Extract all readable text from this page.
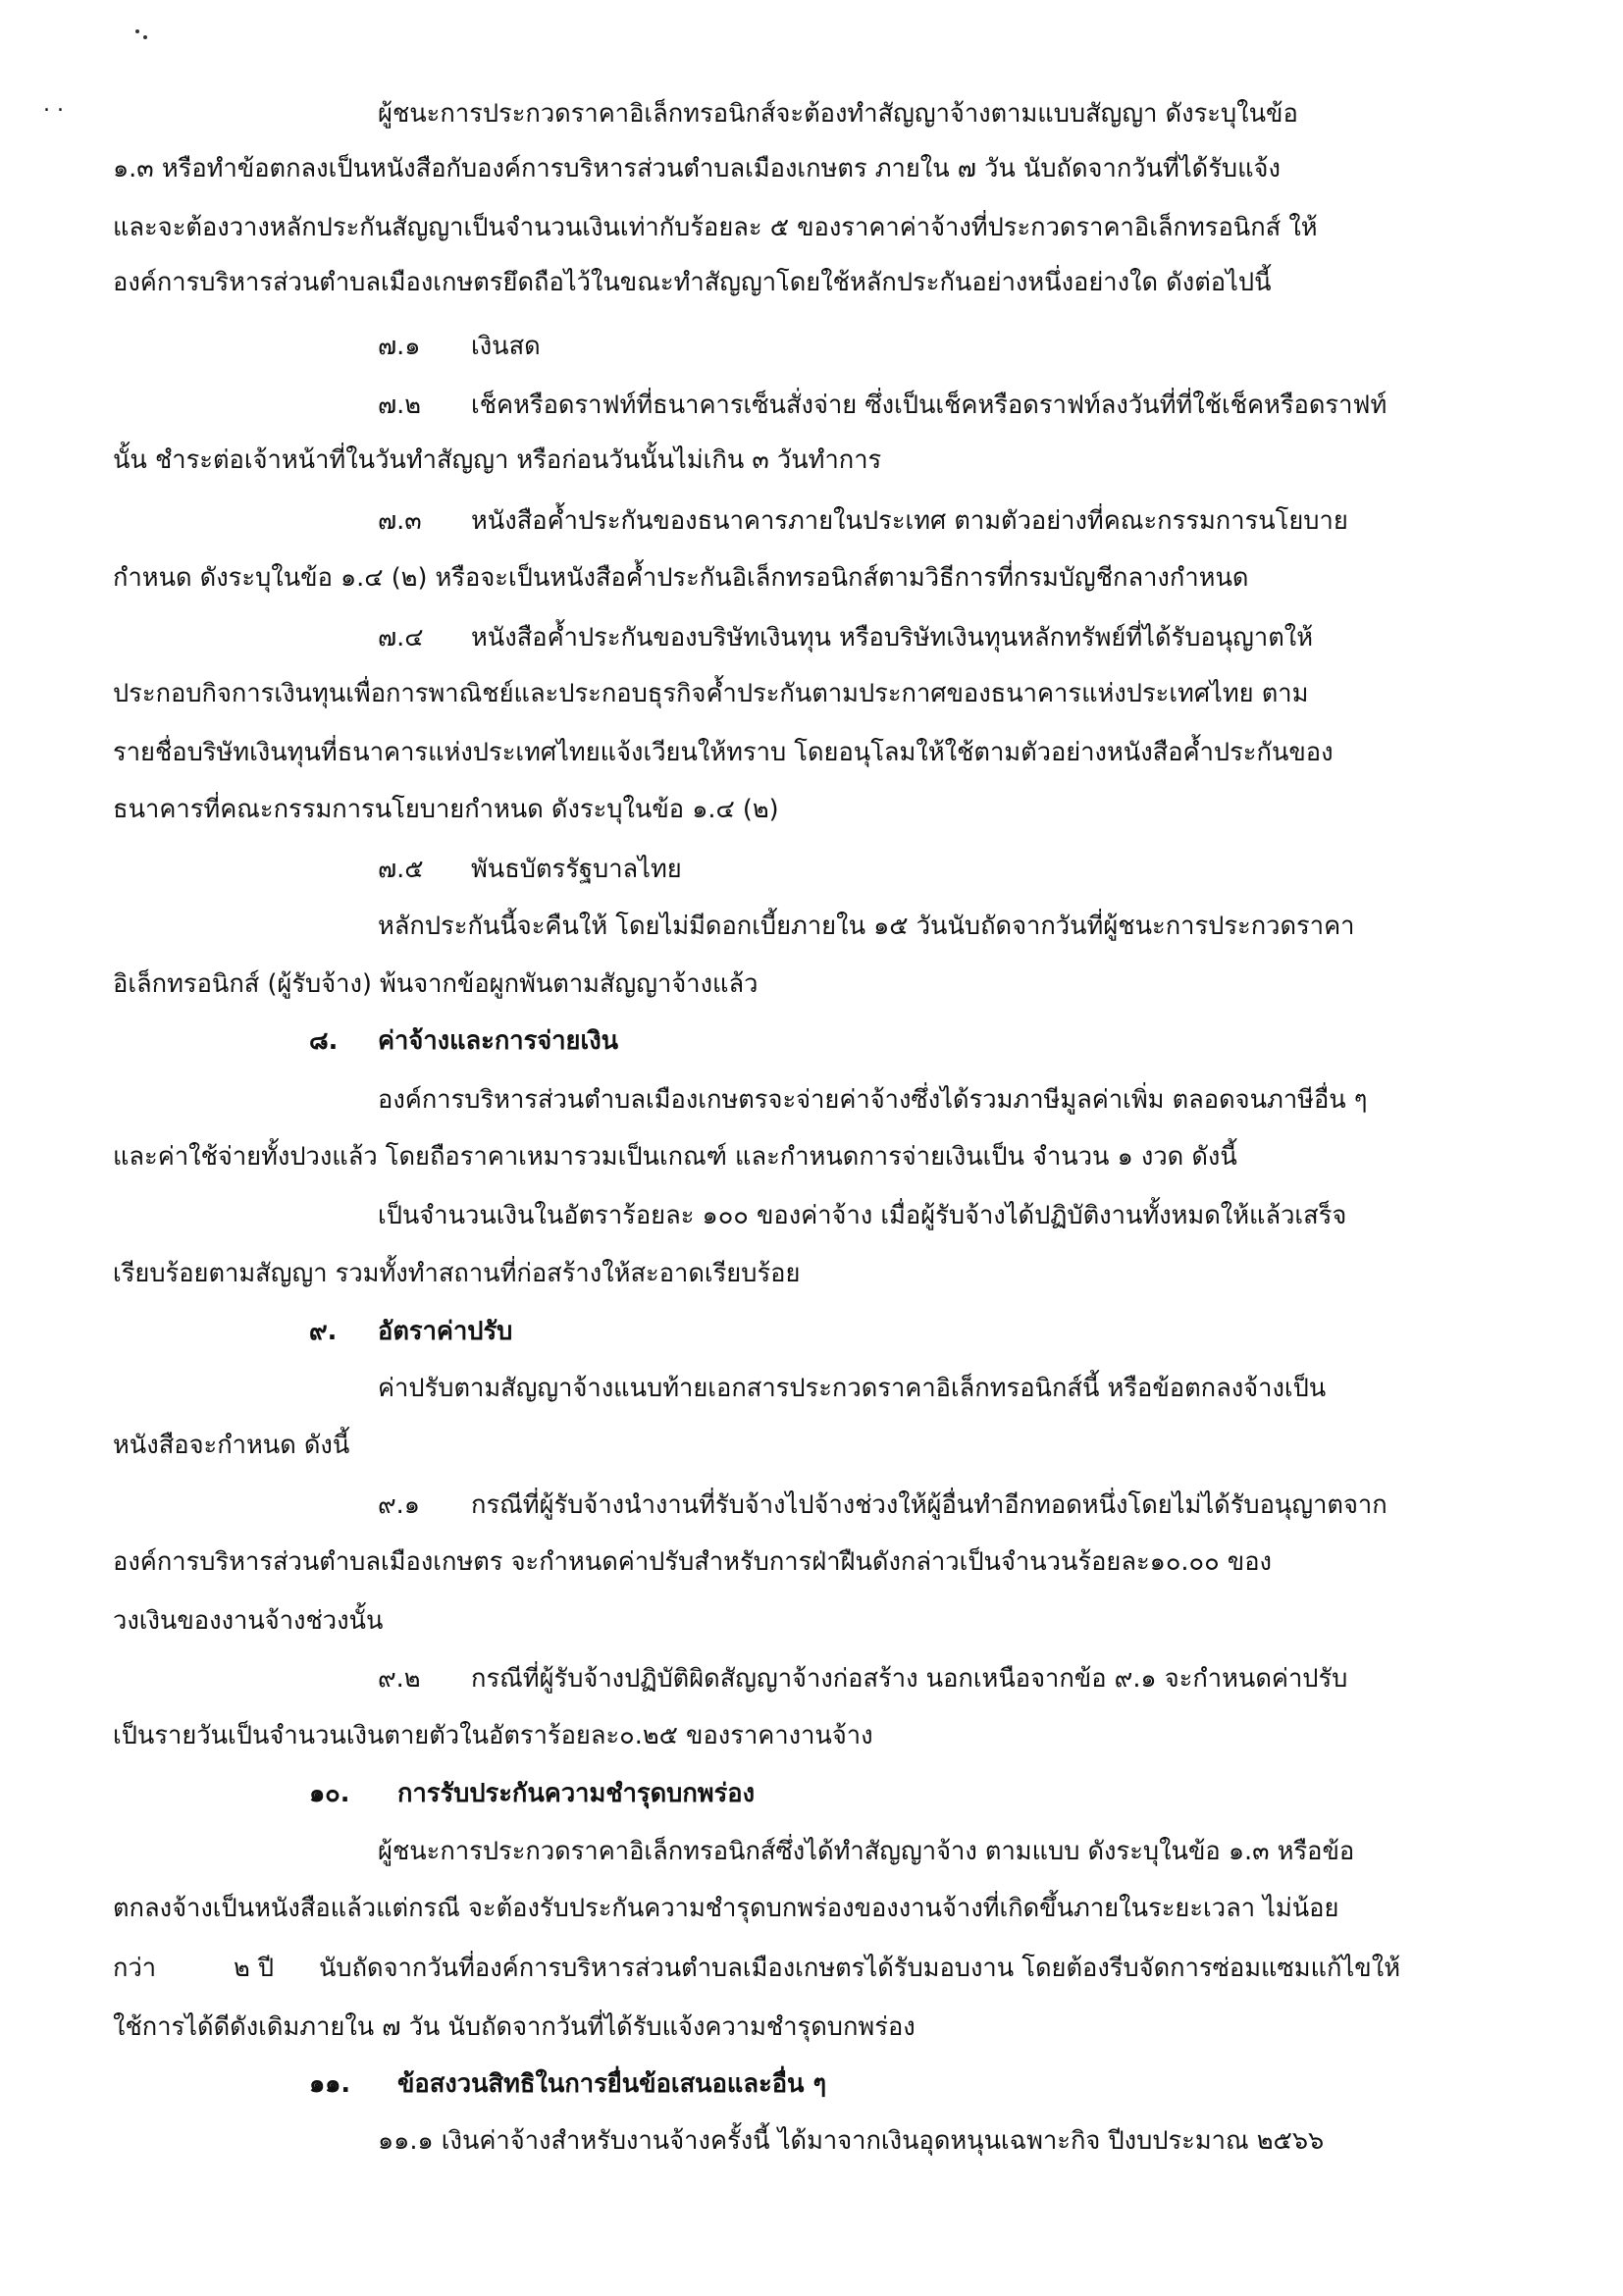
. .	ผู้ชนะการประกวดราคาอิเล็กทรอนิกส์จะต้องทำสัญญาจ้างตามแบบสัญญา ดังระบุในข้อ
๑.๓ หรือทำข้อตกลงเป็นหนังสือกับองค์การบริหารส่วนตำบลเมืองเกษตร ภายใน ๗ วัน นับถัดจากวันที่ได้รับแจ้ง
และจะต้องวางหลักประกันสัญญาเป็นจำนวนเงินเท่ากับร้อยละ ๕ ของราคาค่าจ้างที่ประกวดราคาอิเล็กทรอนิกส์ ให้
องค์การบริหารส่วนตำบลเมืองเกษตรยึดถือไว้ในขณะทำสัญญาโดยใช้หลักประกันอย่างหนึ่งอย่างใด ดังต่อไปนี้
๗.๑ เงินสด
๗.๒ เช็คหรือดราฟท์ที่ธนาคารเซ็นสั่งจ่าย ซึ่งเป็นเช็คหรือดราฟท์ลงวันที่ที่ใช้เช็คหรือดราฟท์
นั้น ชำระต่อเจ้าหน้าที่ในวันทำสัญญา หรือก่อนวันนั้นไม่เกิน ๓ วันทำการ
๗.๓ หนังสือค้ำประกันของธนาคารภายในประเทศ ตามตัวอย่างที่คณะกรรมการนโยบาย
กำหนด ดังระบุในข้อ ๑.๔ (๒) หรือจะเป็นหนังสือค้ำประกันอิเล็กทรอนิกส์ตามวิธีการที่กรมบัญชีกลางกำหนด
๗.๔ หนังสือค้ำประกันของบริษัทเงินทุน หรือบริษัทเงินทุนหลักทรัพย์ที่ได้รับอนุญาตให้
ประกอบกิจการเงินทุนเพื่อการพาณิชย์และประกอบธุรกิจค้ำประกันตามประกาศของธนาคารแห่งประเทศไทย ตาม
รายชื่อบริษัทเงินทุนที่ธนาคารแห่งประเทศไทยแจ้งเวียนให้ทราบ โดยอนุโลมให้ใช้ตามตัวอย่างหนังสือค้ำประกันของ
ธนาคารที่คณะกรรมการนโยบายกำหนด ดังระบุในข้อ ๑.๔ (๒)
๗.๕ พันธบัตรรัฐบาลไทย
หลักประกันนี้จะคืนให้ โดยไม่มีดอกเบี้ยภายใน ๑๕ วันนับถัดจากวันที่ผู้ชนะการประกวดราคา
อิเล็กทรอนิกส์ (ผู้รับจ้าง) พ้นจากข้อผูกพันตามสัญญาจ้างแล้ว
๘. ค่าจ้างและการจ่ายเงิน
องค์การบริหารส่วนตำบลเมืองเกษตรจะจ่ายค่าจ้างซึ่งได้รวมภาษีมูลค่าเพิ่ม ตลอดจนภาษีอื่น ๆ
และค่าใช้จ่ายทั้งปวงแล้ว โดยถือราคาเหมารวมเป็นเกณฑ์ และกำหนดการจ่ายเงินเป็น จำนวน ๑ งวด ดังนี้
เป็นจำนวนเงินในอัตราร้อยละ ๑๐๐ ของค่าจ้าง เมื่อผู้รับจ้างได้ปฏิบัติงานทั้งหมดให้แล้วเสร็จ
เรียบร้อยตามสัญญา รวมทั้งทำสถานที่ก่อสร้างให้สะอาดเรียบร้อย
๙. อัตราค่าปรับ
ค่าปรับตามสัญญาจ้างแนบท้ายเอกสารประกวดราคาอิเล็กทรอนิกส์นี้ หรือข้อตกลงจ้างเป็น
หนังสือจะกำหนด ดังนี้
๙.๑ กรณีที่ผู้รับจ้างนำงานที่รับจ้างไปจ้างช่วงให้ผู้อื่นทำอีกทอดหนึ่งโดยไม่ได้รับอนุญาตจาก
องค์การบริหารส่วนตำบลเมืองเกษตร จะกำหนดค่าปรับสำหรับการฝ่าฝืนดังกล่าวเป็นจำนวนร้อยละ๑๐.๐๐ ของ
วงเงินของงานจ้างช่วงนั้น
๙.๒ กรณีที่ผู้รับจ้างปฏิบัติผิดสัญญาจ้างก่อสร้าง นอกเหนือจากข้อ ๙.๑ จะกำหนดค่าปรับ
เป็นรายวันเป็นจำนวนเงินตายตัวในอัตราร้อยละ๐.๒๕ ของราคางานจ้าง
๑๐. การรับประกันความชำรุดบกพร่อง
ผู้ชนะการประกวดราคาอิเล็กทรอนิกส์ซึ่งได้ทำสัญญาจ้าง ตามแบบ ดังระบุในข้อ ๑.๓ หรือข้อ
ตกลงจ้างเป็นหนังสือแล้วแต่กรณี จะต้องรับประกันความชำรุดบกพร่องของงานจ้างที่เกิดขึ้นภายในระยะเวลา ไม่น้อย
กว่า	๒ ปี นับถัดจากวันที่องค์การบริหารส่วนตำบลเมืองเกษตรได้รับมอบงาน โดยต้องรีบจัดการซ่อมแซมแก้ไขให้
ใช้การได้ดีดังเดิมภายใน ๗ วัน นับถัดจากวันที่ได้รับแจ้งความชำรุดบกพร่อง
๑๑. ข้อสงวนสิทธิในการยื่นข้อเสนอและอื่น ๆ
๑๑.๑ เงินค่าจ้างสำหรับงานจ้างครั้งนี้ ได้มาจากเงินอุดหนุนเฉพาะกิจ ปีงบประมาณ ๒๕๖๖
